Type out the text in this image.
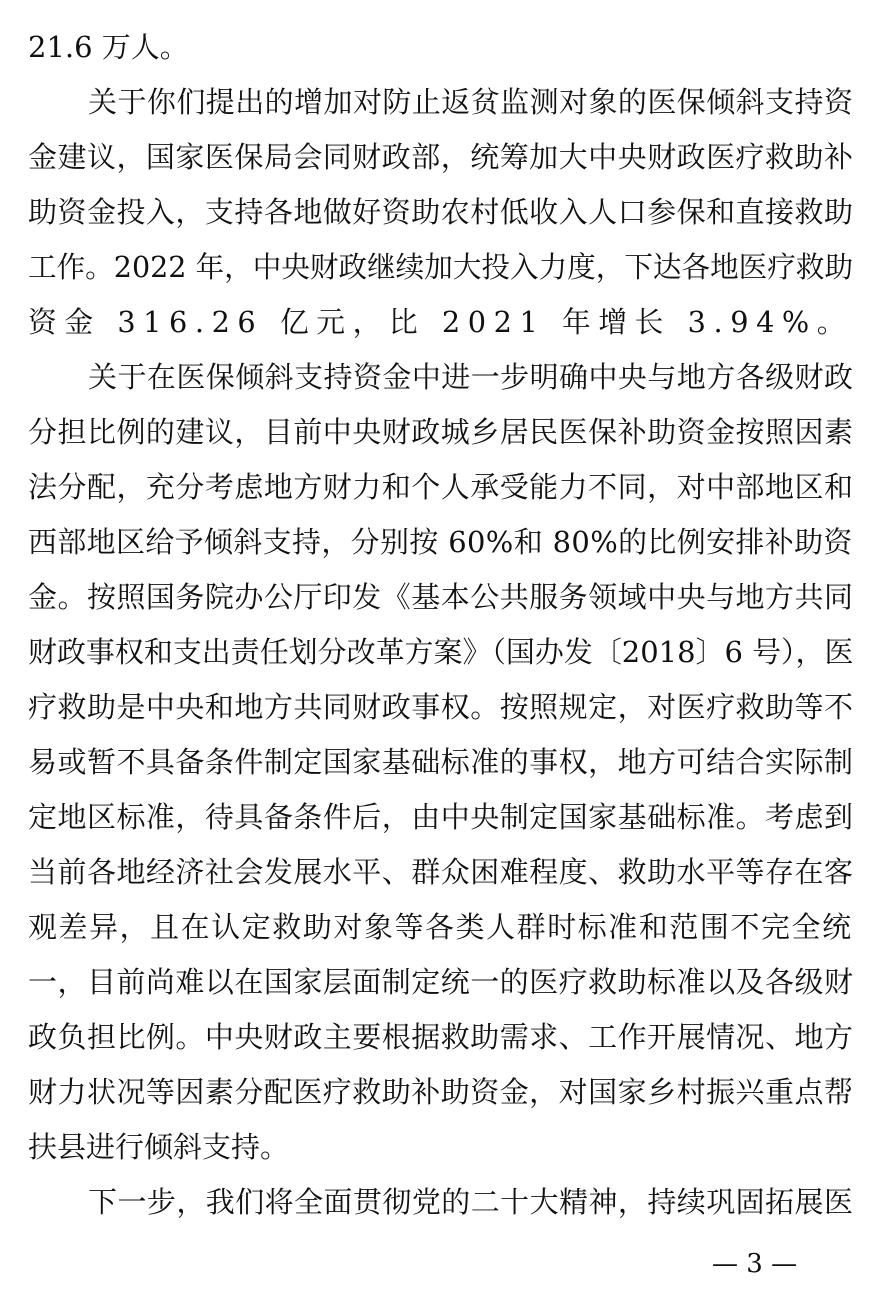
21.6 万人。
关于你们提出的增加对防止返贫监测对象的医保倾斜支持资
金建议，国家医保局会同财政部，统筹加大中央财政医疗救助补
助资金投入，支持各地做好资助农村低收入人口参保和直接救助
工作。2022 年，中央财政继续加大投入力度，下达各地医疗救助
资金 316.26 亿元，比 2021 年增长 3.94%。
关于在医保倾斜支持资金中进一步明确中央与地方各级财政
分担比例的建议，目前中央财政城乡居民医保补助资金按照因素
法分配，充分考虑地方财力和个人承受能力不同，对中部地区和
西部地区给予倾斜支持，分别按 60%和 80%的比例安排补助资
金。按照国务院办公厅印发《基本公共服务领域中央与地方共同
财政事权和支出责任划分改革方案》（国办发〔2018〕6 号），医
疗救助是中央和地方共同财政事权。按照规定，对医疗救助等不
易或暂不具备条件制定国家基础标准的事权，地方可结合实际制
定地区标准，待具备条件后，由中央制定国家基础标准。考虑到
当前各地经济社会发展水平、群众困难程度、救助水平等存在客
观差异，且在认定救助对象等各类人群时标准和范围不完全统
一，目前尚难以在国家层面制定统一的医疗救助标准以及各级财
政负担比例。中央财政主要根据救助需求、工作开展情况、地方
财力状况等因素分配医疗救助补助资金，对国家乡村振兴重点帮
扶县进行倾斜支持。
下一步，我们将全面贯彻党的二十大精神，持续巩固拓展医
— 3 —
